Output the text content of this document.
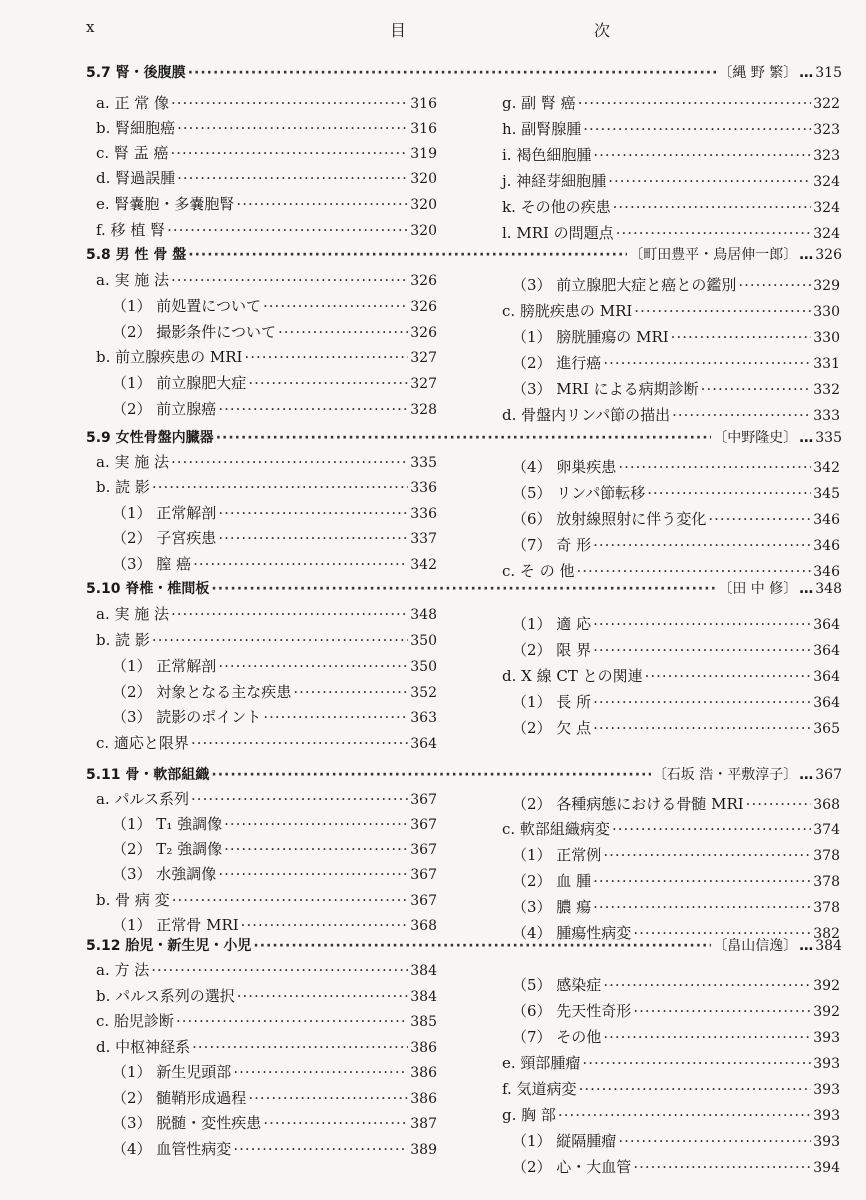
x	目　次
5.7 腎・後腹膜 ·····	〔縄 野 繁〕 … 315
5.8 男 性 骨 盤 ·····	〔町田豊平・鳥居伸一郎〕 … 326
5.9 女性骨盤内臓器 ·····	〔中野隆史〕 … 335
5.10 脊椎・椎間板 ·····	〔田 中 修〕 … 348
5.11 骨・軟部組織 ·····	〔石坂 浩・平敷淳子〕 … 367
5.12 胎児・新生児・小児 ·····	〔畠山信逸〕 … 384
a. 正 常 像 ·····	316
b. 腎細胞癌 ·····	316
c. 腎 盂 癌 ·····	319
d. 腎過誤腫 ·····	320
e. 腎嚢胞・多嚢胞腎 ·····	320
f. 移 植 腎 ·····	320
a. 実 施 法 ·····	326
（1） 前処置について ·····	326
（2） 撮影条件について ·····	326
b. 前立腺疾患の MRI ·····	327
（1） 前立腺肥大症 ·····	327
（2） 前立腺癌 ·····	328
a. 実 施 法 ·····	335
b. 読 影 ·····	336
（1） 正常解剖 ·····	336
（2） 子宮疾患 ·····	337
（3） 膣 癌 ·····	342
a. 実 施 法 ·····	348
b. 読 影 ·····	350
（1） 正常解剖 ·····	350
（2） 対象となる主な疾患 ·····	352
（3） 読影のポイント ·····	363
c. 適応と限界 ·····	364
a. パルス系列 ·····	367
（1） T₁ 強調像 ·····	367
（2） T₂ 強調像 ·····	367
（3） 水強調像 ·····	367
b. 骨 病 変 ·····	367
（1） 正常骨 MRI ·····	368
a. 方 法 ·····	384
b. パルス系列の選択 ·····	384
c. 胎児診断 ·····	385
d. 中枢神経系 ·····	386
（1） 新生児頭部 ·····	386
（2） 髄鞘形成過程 ·····	386
（3） 脱髄・変性疾患 ·····	387
（4） 血管性病変 ·····	389
g. 副 腎 癌 ·····	322
h. 副腎腺腫 ·····	323
i. 褐色細胞腫 ·····	323
j. 神経芽細胞腫 ·····	324
k. その他の疾患 ·····	324
l. MRI の問題点 ·····	324
（3） 前立腺肥大症と癌との鑑別 ·····	329
c. 膀胱疾患の MRI ·····	330
（1） 膀胱腫瘍の MRI ·····	330
（2） 進行癌 ·····	331
（3） MRI による病期診断 ·····	332
d. 骨盤内リンパ節の描出 ·····	333
（4） 卵巣疾患 ·····	342
（5） リンパ節転移 ·····	345
（6） 放射線照射に伴う変化 ·····	346
（7） 奇 形 ·····	346
c. そ の 他 ·····	346
（1） 適 応 ·····	364
（2） 限 界 ·····	364
d. X 線 CT との関連 ·····	364
（1） 長 所 ·····	364
（2） 欠 点 ·····	365
（2） 各種病態における骨髄 MRI ·····	368
c. 軟部組織病変 ·····	374
（1） 正常例 ·····	378
（2） 血 腫 ·····	378
（3） 膿 瘍 ·····	378
（4） 腫瘍性病変 ·····	382
（5） 感染症 ·····	392
（6） 先天性奇形 ·····	392
（7） その他 ·····	393
e. 頸部腫瘤 ·····	393
f. 気道病変 ·····	393
g. 胸 部 ·····	393
（1） 縦隔腫瘤 ·····	393
（2） 心・大血管 ·····	394
